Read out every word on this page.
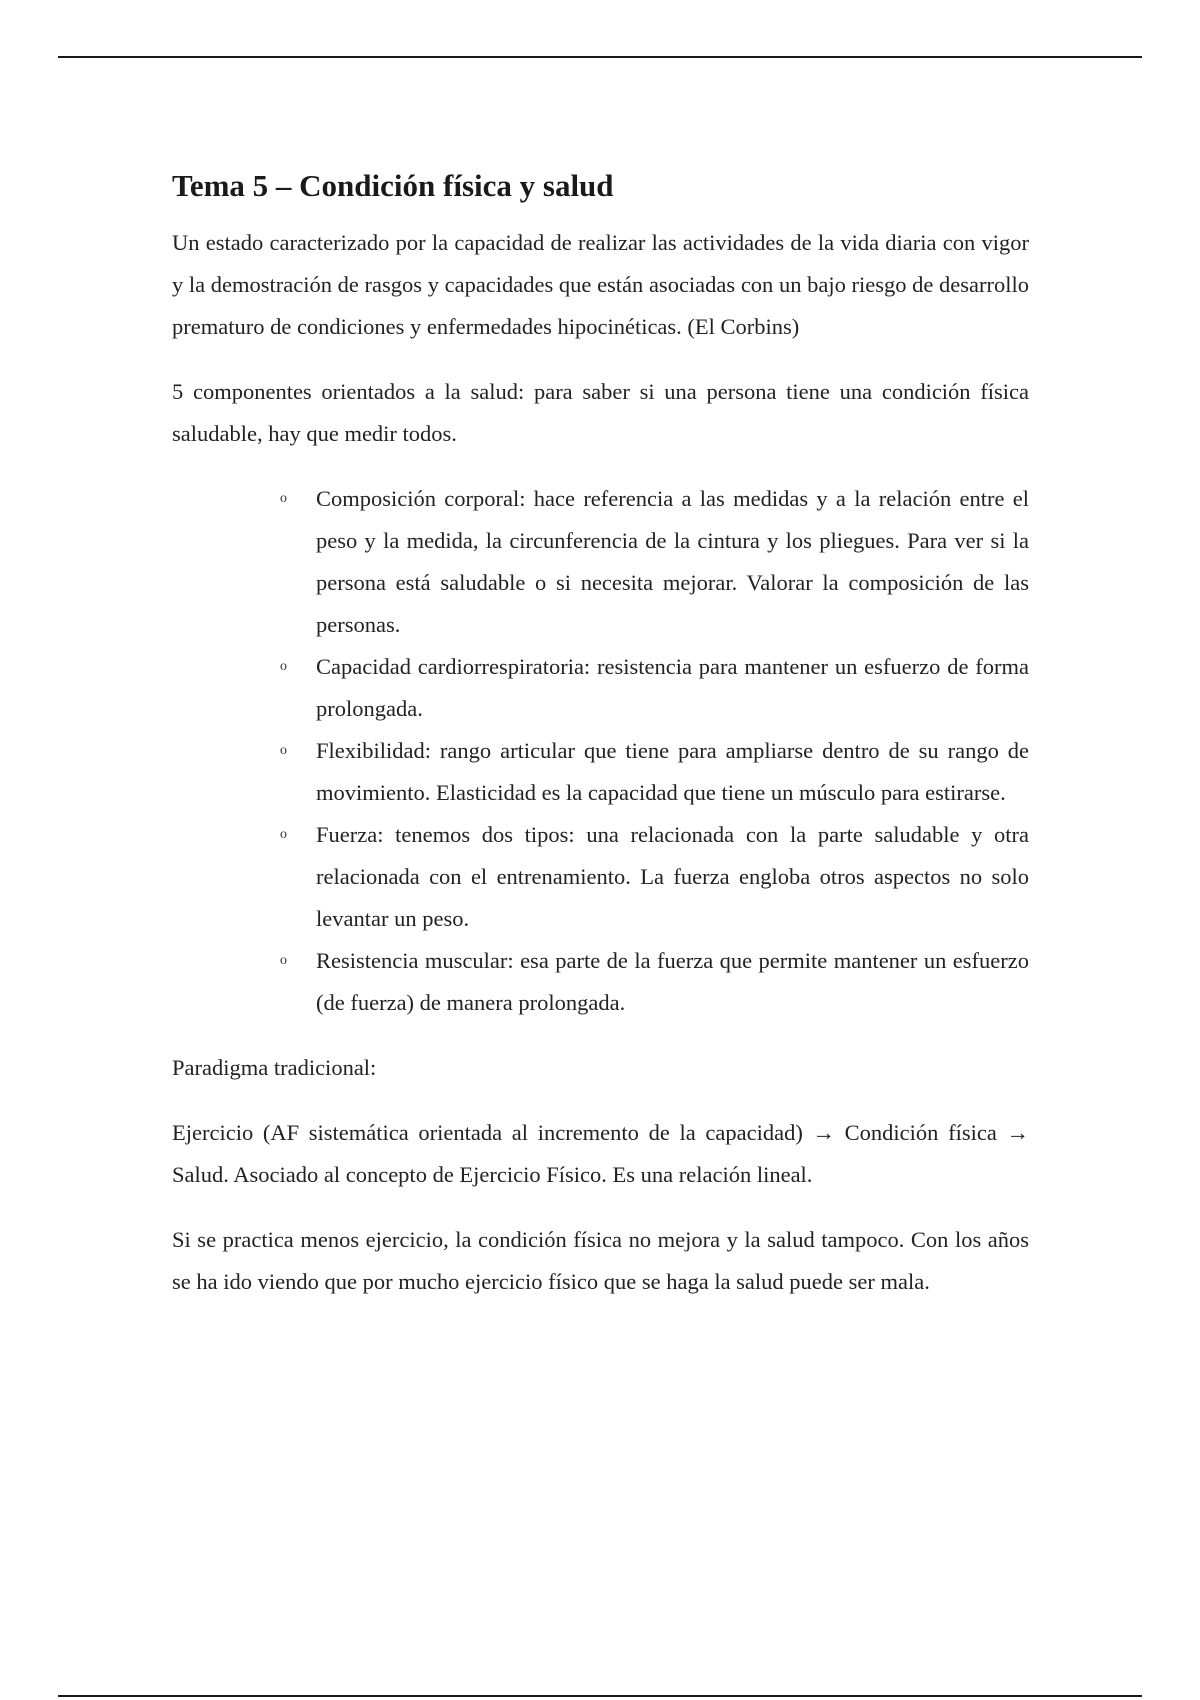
Tema 5 – Condición física y salud

Un estado caracterizado por la capacidad de realizar las actividades de la vida diaria con vigor y la demostración de rasgos y capacidades que están asociadas con un bajo riesgo de desarrollo prematuro de condiciones y enfermedades hipocinéticas. (El Corbins)

5 componentes orientados a la salud: para saber si una persona tiene una condición física saludable, hay que medir todos.

o Composición corporal: hace referencia a las medidas y a la relación entre el peso y la medida, la circunferencia de la cintura y los pliegues. Para ver si la persona está saludable o si necesita mejorar. Valorar la composición de las personas.
o Capacidad cardiorrespiratoria: resistencia para mantener un esfuerzo de forma prolongada.
o Flexibilidad: rango articular que tiene para ampliarse dentro de su rango de movimiento. Elasticidad es la capacidad que tiene un músculo para estirarse.
o Fuerza: tenemos dos tipos: una relacionada con la parte saludable y otra relacionada con el entrenamiento. La fuerza engloba otros aspectos no solo levantar un peso.
o Resistencia muscular: esa parte de la fuerza que permite mantener un esfuerzo (de fuerza) de manera prolongada.

Paradigma tradicional:

Ejercicio (AF sistemática orientada al incremento de la capacidad) → Condición física → Salud. Asociado al concepto de Ejercicio Físico. Es una relación lineal.

Si se practica menos ejercicio, la condición física no mejora y la salud tampoco. Con los años se ha ido viendo que por mucho ejercicio físico que se haga la salud puede ser mala.
